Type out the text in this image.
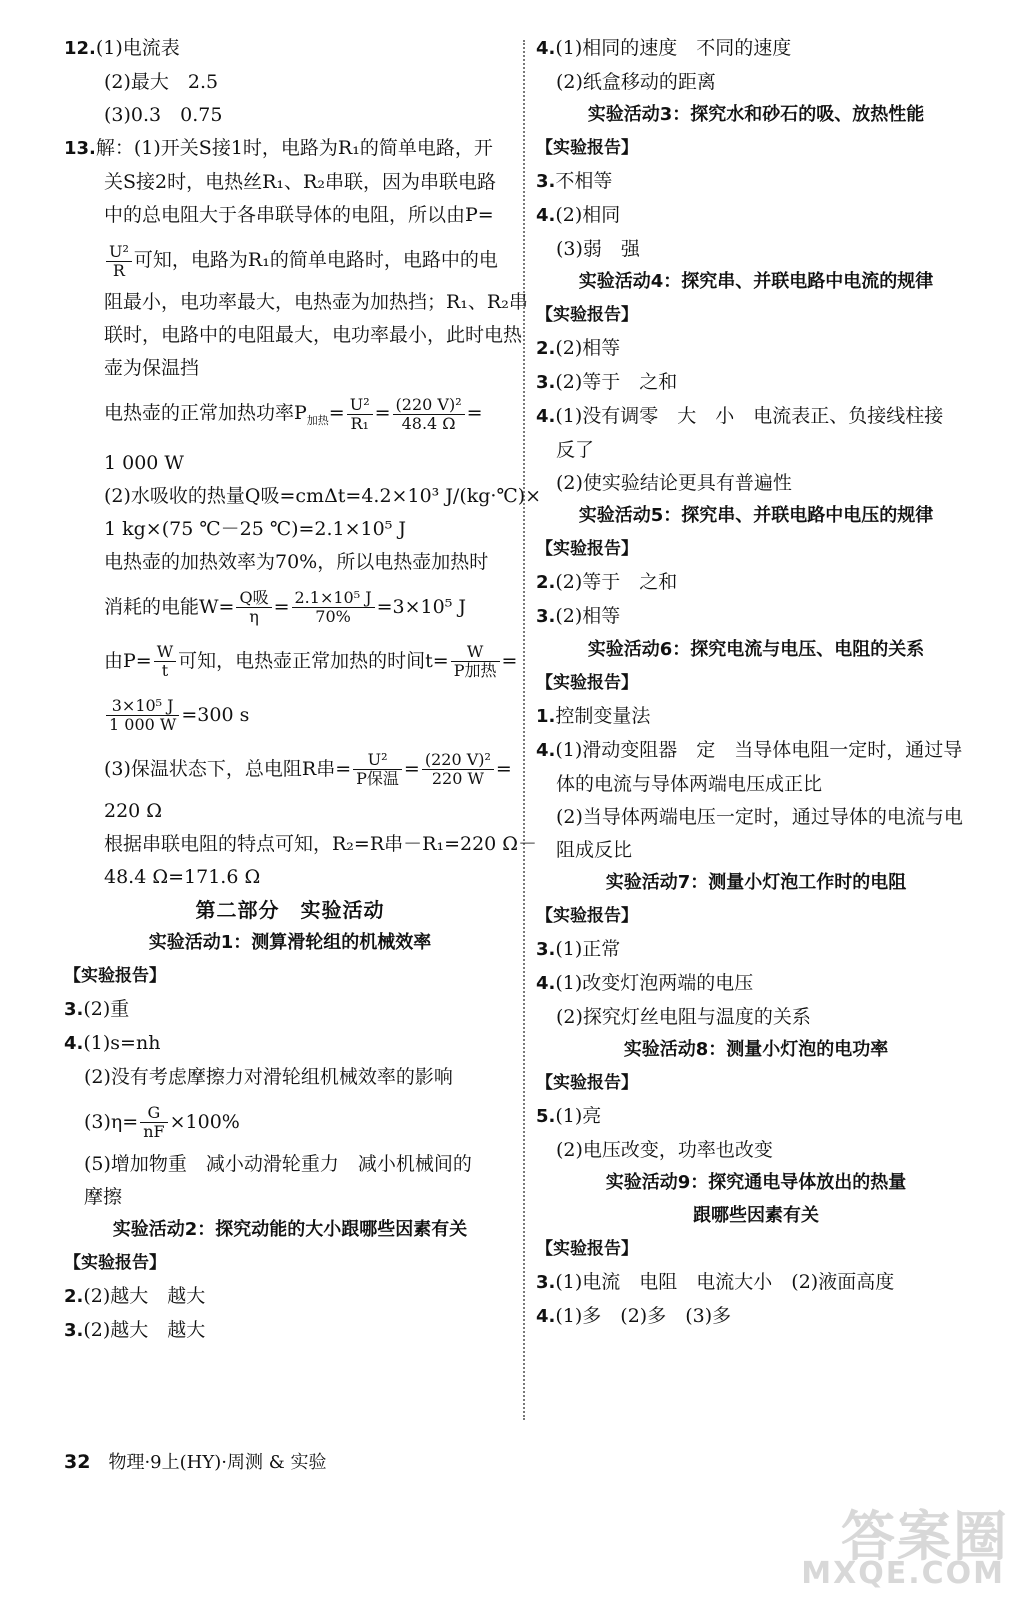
12.(1)电流表
(2)最大　2.5
(3)0.3　0.75
13.解：(1)开关S接1时，电路为R₁的简单电路，开
关S接2时，电热丝R₁、R₂串联，因为串联电路
中的总电阻大于各串联导体的电阻，所以由P=
$\frac{\text{U²}}{R}$ 可知，电路为R₁的简单电路时，电路中的电
阻最小，电功率最大，电热壶为加热挡；R₁、R₂串
联时，电路中的电阻最大，电功率最小，此时电热
壶为保温挡
电热壶的正常加热功率$P_{加热}= \frac{\text{U²}}{\text{R₁}} = \frac{\text{(220 V)²}}{48.4 \Omega}$ =
1 000 W
(2)水吸收的热量Q吸=cmΔt=4.2×10³ J/(kg·℃)×
1 kg×(75 ℃－25 ℃)=2.1×10⁵ J
电热壶的加热效率为70%，所以电热壶加热时
消耗的电能$W= \frac{\text{Q吸}}{\eta} = \frac{\text{2.1×10⁵ J}}{70\%} =3\times 10^5$ J
由$P= \frac{W}{t}$ 可知，电热壶正常加热的时间$t= \frac{W}{\text{P加热}}$ =
$\frac{\text{3×10⁵ J}}{1 000 W} =300$ s
(3)保温状态下，总电阻R串= $\frac{\text{U²}}{\text{P保温}} = \frac{\text{(220 V)²}}{220 W}$ =
220 Ω
根据串联电阻的特点可知，R₂=R串－R₁=220 Ω－
48.4 Ω=171.6 Ω
第二部分　实验活动
实验活动1：测算滑轮组的机械效率
【实验报告】
3.(2)重
4.(1)s=nh
(2)没有考虑摩擦力对滑轮组机械效率的影响
$(3)\eta= \frac{G}{nF} \times 100\%$
(5)增加物重　减小动滑轮重力　减小机械间的
摩擦
实验活动2：探究动能的大小跟哪些因素有关
【实验报告】
2.(2)越大　越大
3.(2)越大　越大
4.(1)相同的速度　不同的速度
(2)纸盒移动的距离
实验活动3：探究水和砂石的吸、放热性能
【实验报告】
3.不相等
4.(2)相同
(3)弱　强
实验活动4：探究串、并联电路中电流的规律
【实验报告】
2.(2)相等
3.(2)等于　之和
4.(1)没有调零　大　小　电流表正、负接线柱接
反了
(2)使实验结论更具有普遍性
实验活动5：探究串、并联电路中电压的规律
【实验报告】
2.(2)等于　之和
3.(2)相等
实验活动6：探究电流与电压、电阻的关系
【实验报告】
1.控制变量法
4.(1)滑动变阻器　定　当导体电阻一定时，通过导
体的电流与导体两端电压成正比
(2)当导体两端电压一定时，通过导体的电流与电
阻成反比
实验活动7：测量小灯泡工作时的电阻
【实验报告】
3.(1)正常
4.(1)改变灯泡两端的电压
(2)探究灯丝电阻与温度的关系
实验活动8：测量小灯泡的电功率
【实验报告】
5.(1)亮
(2)电压改变，功率也改变
实验活动9：探究通电导体放出的热量
跟哪些因素有关
【实验报告】
3.(1)电流　电阻　电流大小　(2)液面高度
4.(1)多　(2)多　(3)多
32 物理·9上(HY)·周测 & 实验
答案圈
MXQE.COM
